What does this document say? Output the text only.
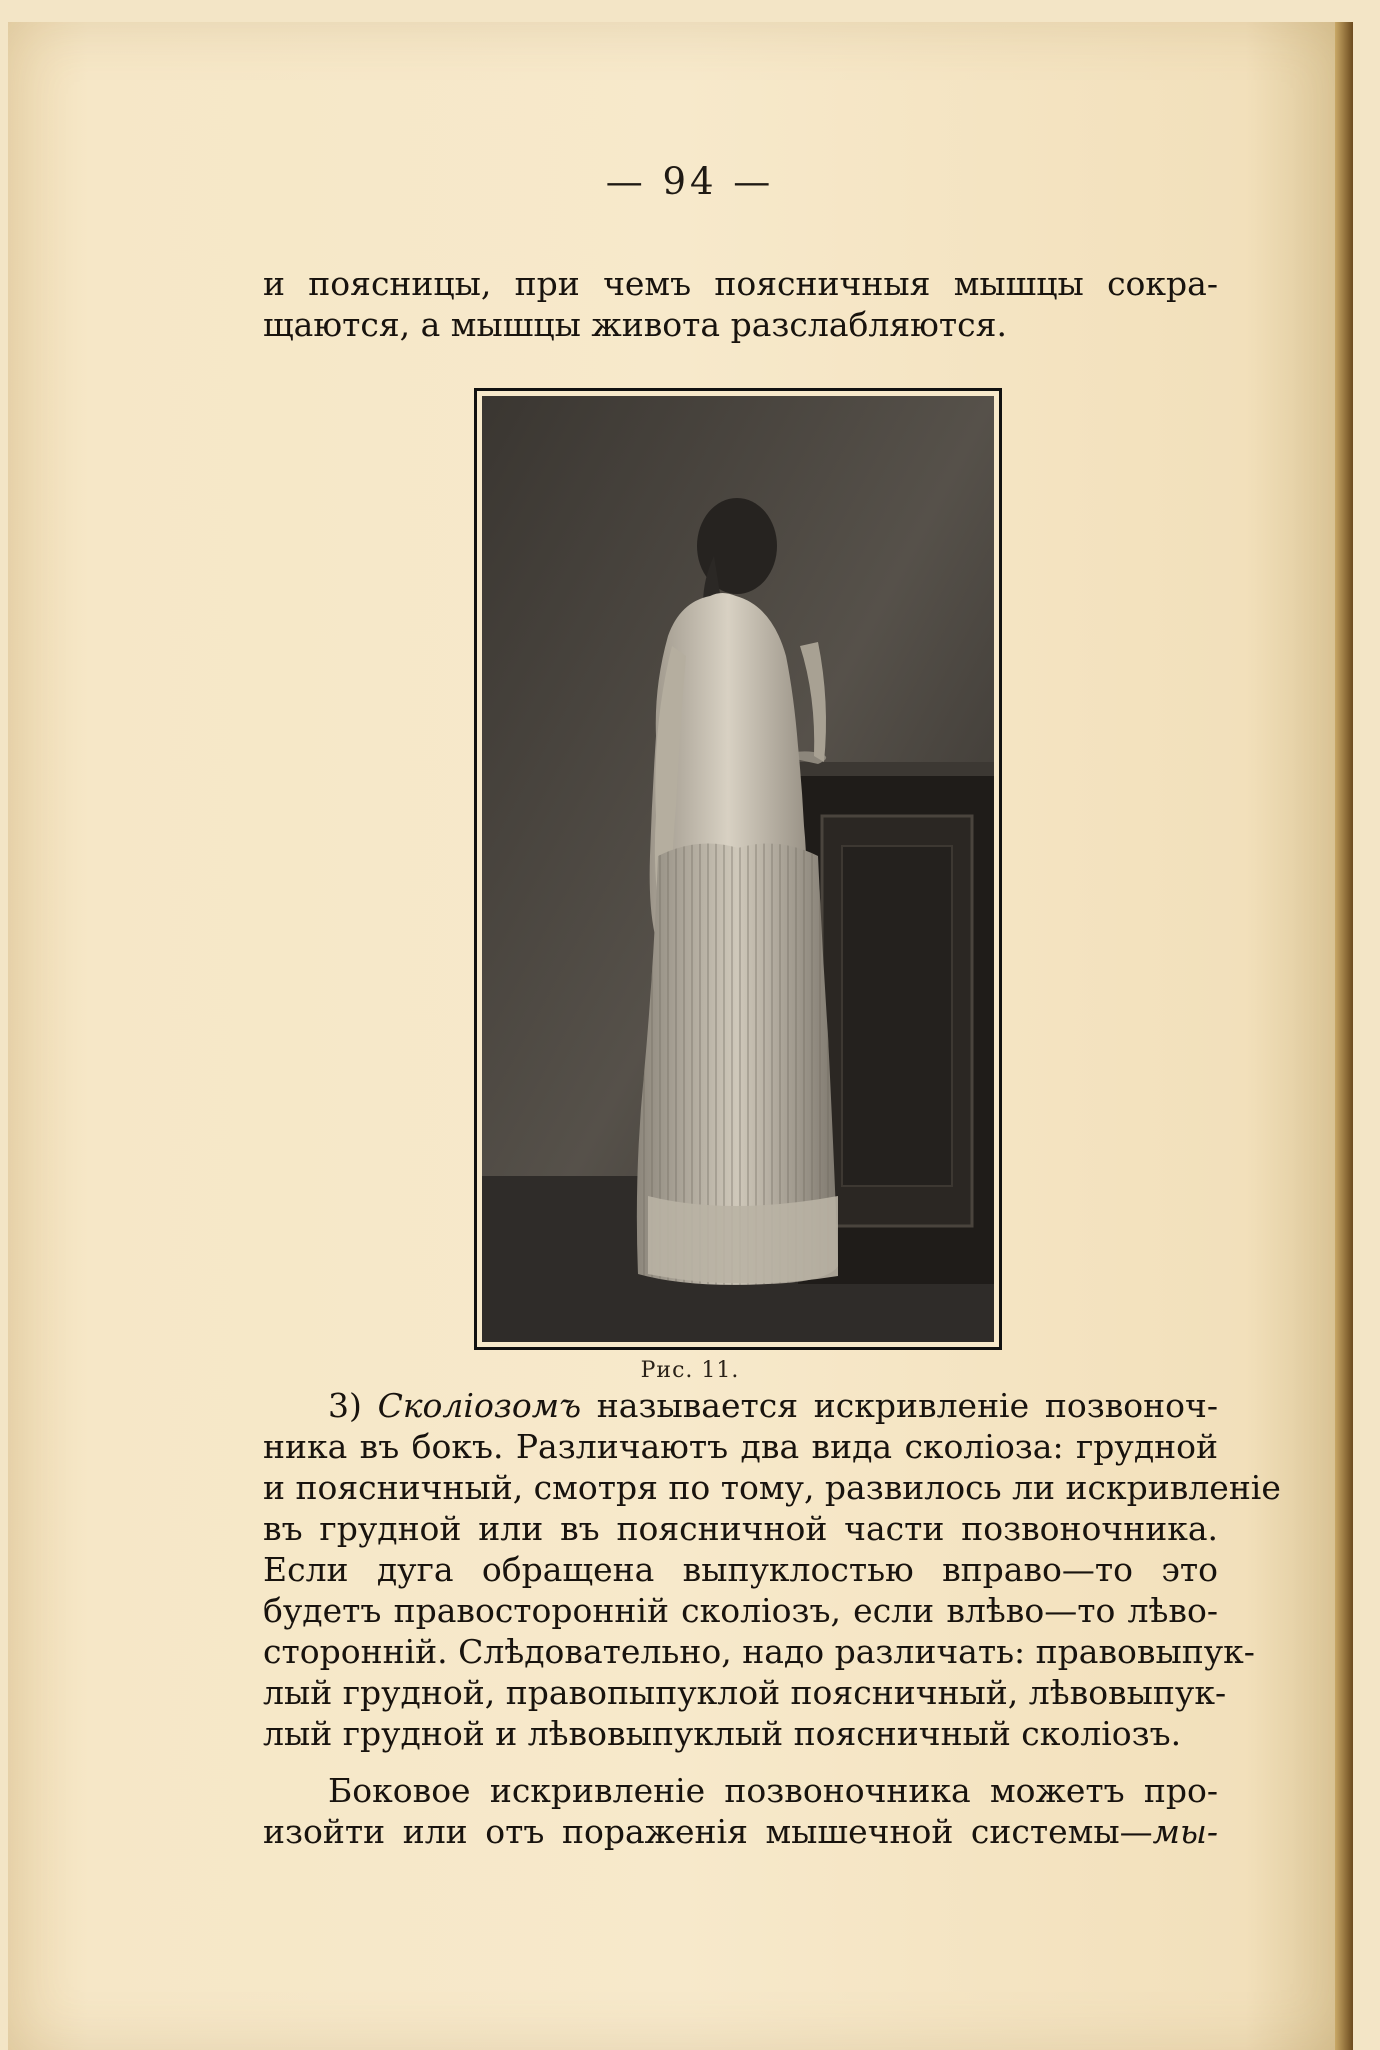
— 94 —
и поясницы, при чемъ поясничныя мышцы сокра-
щаются, а мышцы живота разслабляются.
Рис. 11.
3) Сколіозомъ называется искривленіе позвоноч-
ника въ бокъ. Различаютъ два вида сколіоза: грудной
и поясничный, смотря по тому, развилось ли искривленіе
въ грудной или въ поясничной части позвоночника.
Если дуга обращена выпуклостью вправо—то это
будетъ правосторонній сколіозъ, если влѣво—то лѣво-
сторонній. Слѣдовательно, надо различать: правовыпук-
лый грудной, правопыпуклой поясничный, лѣвовыпук-
лый грудной и лѣвовыпуклый поясничный сколіозъ.
Боковое искривленіе позвоночника можетъ про-
изойти или отъ пораженія мышечной системы—мы-
